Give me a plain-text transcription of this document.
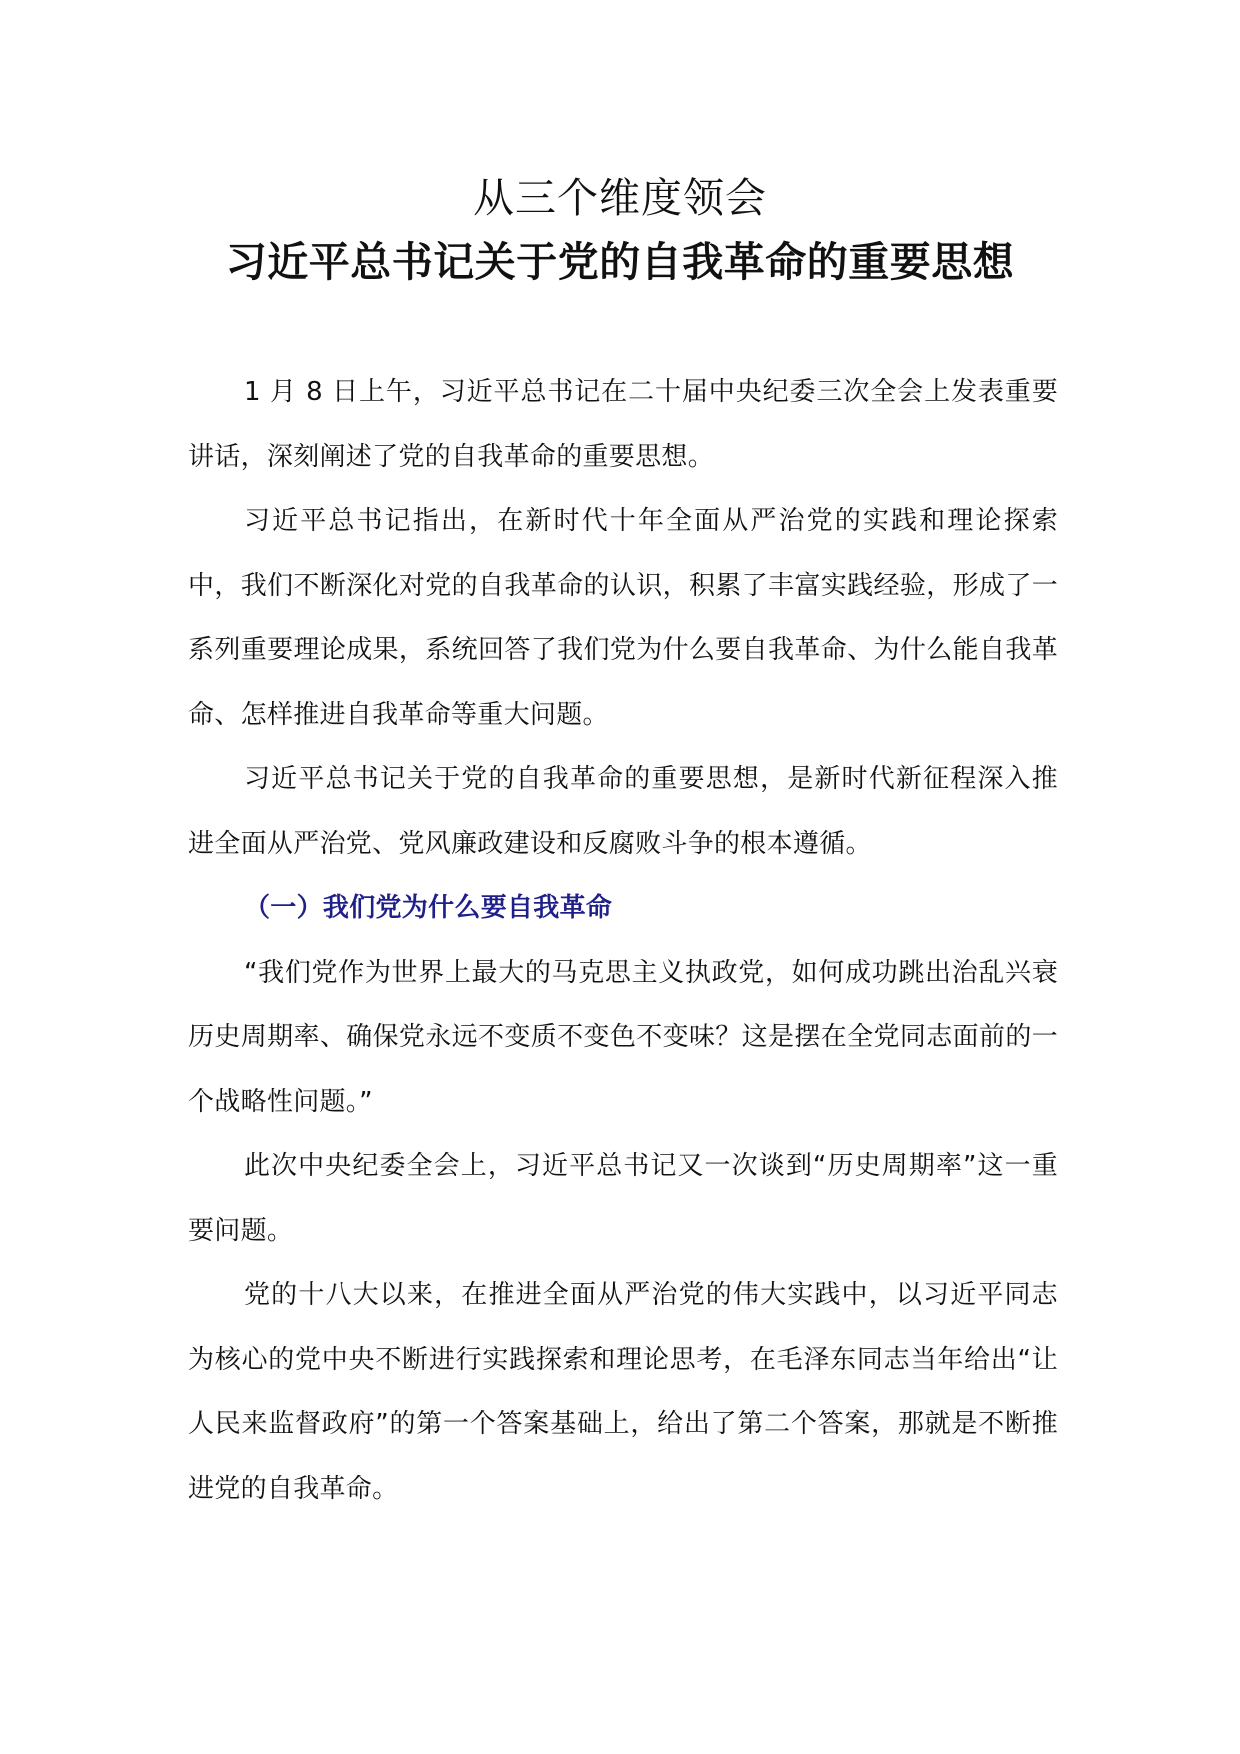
从三个维度领会

习近平总书记关于党的自我革命的重要思想

1 月 8 日上午，习近平总书记在二十届中央纪委三次全会上发表重要讲话，深刻阐述了党的自我革命的重要思想。

习近平总书记指出，在新时代十年全面从严治党的实践和理论探索中，我们不断深化对党的自我革命的认识，积累了丰富实践经验，形成了一系列重要理论成果，系统回答了我们党为什么要自我革命、为什么能自我革命、怎样推进自我革命等重大问题。

习近平总书记关于党的自我革命的重要思想，是新时代新征程深入推进全面从严治党、党风廉政建设和反腐败斗争的根本遵循。

（一）我们党为什么要自我革命

“我们党作为世界上最大的马克思主义执政党，如何成功跳出治乱兴衰历史周期率、确保党永远不变质不变色不变味？这是摆在全党同志面前的一个战略性问题。”

此次中央纪委全会上，习近平总书记又一次谈到“历史周期率”这一重要问题。

党的十八大以来，在推进全面从严治党的伟大实践中，以习近平同志为核心的党中央不断进行实践探索和理论思考，在毛泽东同志当年给出“让人民来监督政府”的第一个答案基础上，给出了第二个答案，那就是不断推进党的自我革命。
